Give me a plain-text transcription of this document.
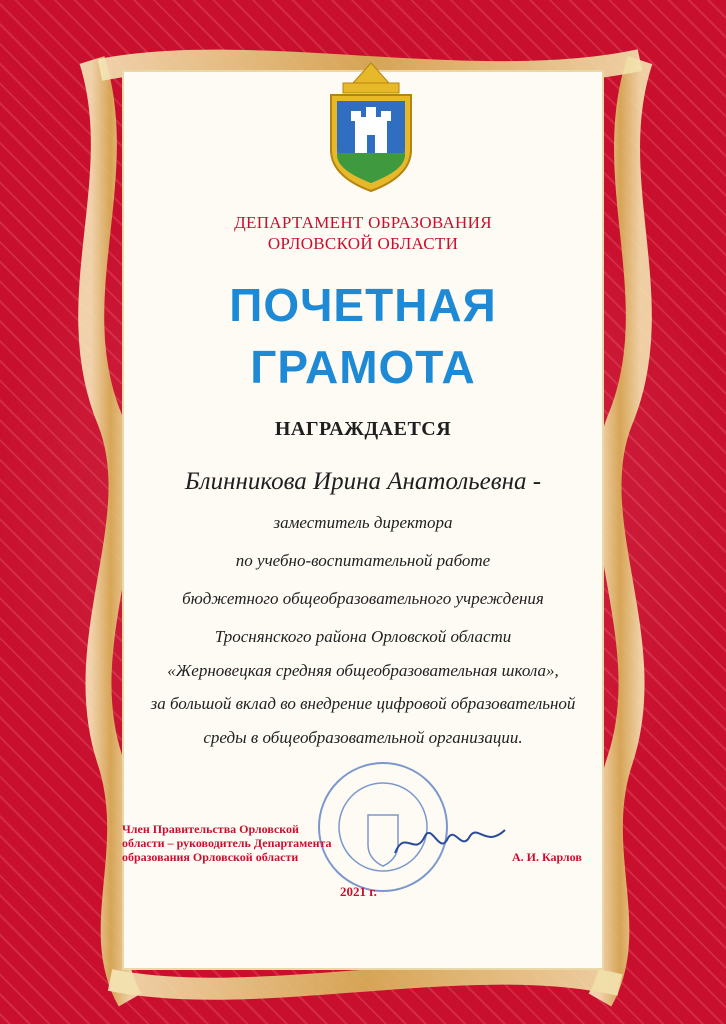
ДЕПАРТАМЕНТ ОБРАЗОВАНИЯ
ОРЛОВСКОЙ ОБЛАСТИ
ПОЧЕТНАЯ
ГРАМОТА
НАГРАЖДАЕТСЯ
Блинникова Ирина Анатольевна -
заместитель директора
по учебно-воспитательной работе
бюджетного общеобразовательного учреждения
Троснянского района Орловской области
«Жерновецкая средняя общеобразовательная школа»,
за большой вклад во внедрение цифровой образовательной
среды в общеобразовательной организации.
Член Правительства Орловской
области – руководитель Департамента
образования Орловской области	А. И. Карлов
2021 г.
